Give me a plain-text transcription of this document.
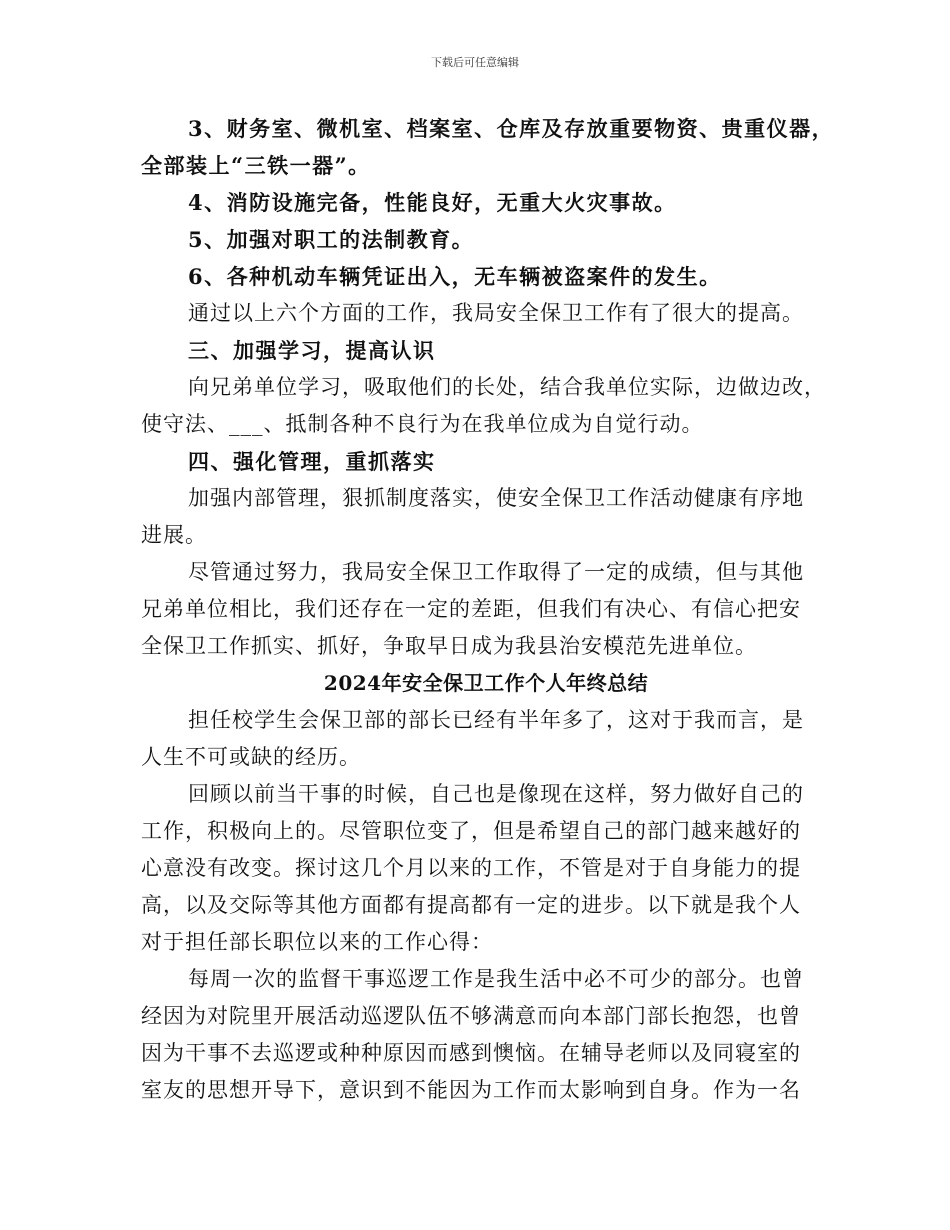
下载后可任意编辑
3、财务室、微机室、档案室、仓库及存放重要物资、贵重仪器，
全部装上“三铁一器”。
4、消防设施完备，性能良好，无重大火灾事故。
5、加强对职工的法制教育。
6、各种机动车辆凭证出入，无车辆被盗案件的发生。
通过以上六个方面的工作，我局安全保卫工作有了很大的提高。
三、加强学习，提高认识
向兄弟单位学习，吸取他们的长处，结合我单位实际，边做边改，
使守法、___、抵制各种不良行为在我单位成为自觉行动。
四、强化管理，重抓落实
加强内部管理，狠抓制度落实，使安全保卫工作活动健康有序地
进展。
尽管通过努力，我局安全保卫工作取得了一定的成绩，但与其他
兄弟单位相比，我们还存在一定的差距，但我们有决心、有信心把安
全保卫工作抓实、抓好，争取早日成为我县治安模范先进单位。
2024年安全保卫工作个人年终总结
担任校学生会保卫部的部长已经有半年多了，这对于我而言，是
人生不可或缺的经历。
回顾以前当干事的时候，自己也是像现在这样，努力做好自己的
工作，积极向上的。尽管职位变了，但是希望自己的部门越来越好的
心意没有改变。探讨这几个月以来的工作，不管是对于自身能力的提
高，以及交际等其他方面都有提高都有一定的进步。以下就是我个人
对于担任部长职位以来的工作心得：
每周一次的监督干事巡逻工作是我生活中必不可少的部分。也曾
经因为对院里开展活动巡逻队伍不够满意而向本部门部长抱怨，也曾
因为干事不去巡逻或种种原因而感到懊恼。在辅导老师以及同寝室的
室友的思想开导下，意识到不能因为工作而太影响到自身。作为一名
